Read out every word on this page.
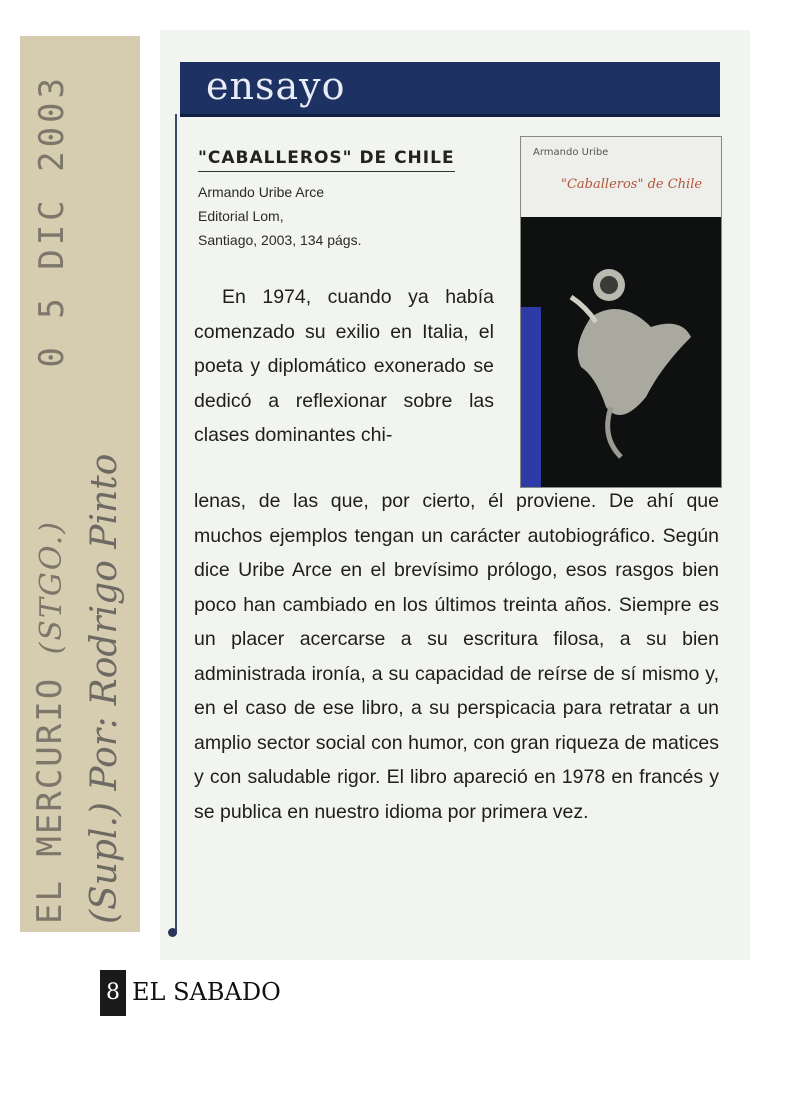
EL MERCURIO (STGO.)
0 5 DIC 2003
(Supl.) Por: Rodrigo Pinto
ensayo
"CABALLEROS" DE CHILE
Armando Uribe Arce
Editorial Lom,
Santiago, 2003, 134 págs.
Armando Uribe
"Caballeros" de Chile

En 1974, cuando ya había comenzado su exilio en Italia, el poeta y diplomático exonerado se dedicó a reflexionar sobre las clases dominantes chi-

lenas, de las que, por cierto, él proviene. De ahí que muchos ejemplos tengan un carácter autobiográfico. Según dice Uribe Arce en el brevísimo prólogo, esos rasgos bien poco han cambiado en los últimos treinta años. Siempre es un placer acercarse a su escritura filosa, a su bien administrada ironía, a su capacidad de reírse de sí mismo y, en el caso de ese libro, a su perspicacia para retratar a un amplio sector social con humor, con gran riqueza de matices y con saludable rigor. El libro apareció en 1978 en francés y se publica en nuestro idioma por primera vez.

8 EL SABADO
